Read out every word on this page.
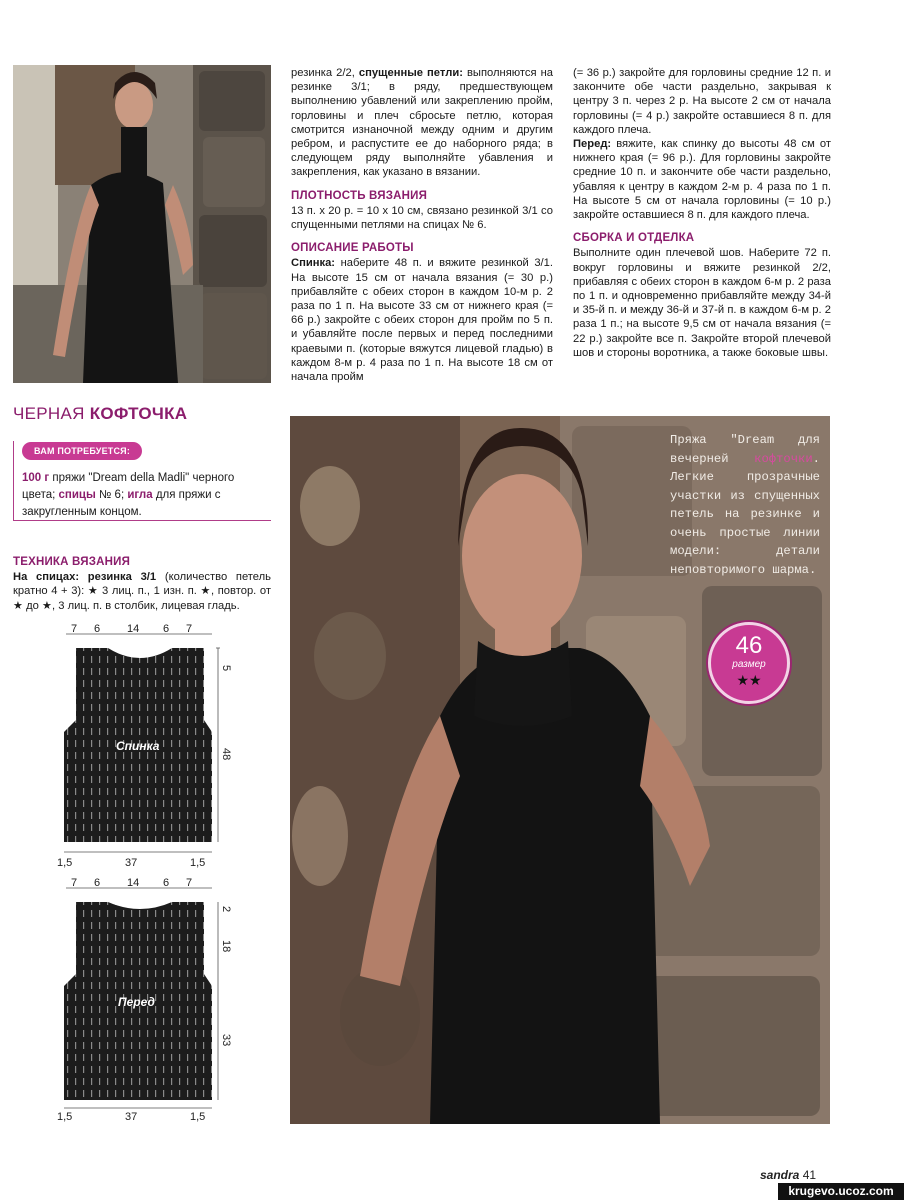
резинка 2/2, спущенные петли: выполняются на резинке 3/1; в ряду, предшествующем выполнению убавлений или закреплению пройм, горловины и плеч сбросьте петлю, которая смотрится изнаночной между одним и другим ребром, и распустите ее до наборного ряда; в следующем ряду выполняйте убавления и закрепления, как указано в вязании.

ПЛОТНОСТЬ ВЯЗАНИЯ

13 п. х 20 р. = 10 х 10 см, связано резинкой 3/1 со спущенными петлями на спицах № 6.

ОПИСАНИЕ РАБОТЫ

Спинка: наберите 48 п. и вяжите резинкой 3/1. На высоте 15 см от начала вязания (= 30 р.) прибавляйте с обеих сторон в каждом 10-м р. 2 раза по 1 п. На высоте 33 см от нижнего края (= 66 р.) закройте с обеих сторон для пройм по 5 п. и убавляйте после первых и перед последними краевыми п. (которые вяжутся лицевой гладью) в каждом 8-м р. 4 раза по 1 п. На высоте 18 см от начала пройм

(= 36 р.) закройте для горловины средние 12 п. и закончите обе части раздельно, закрывая к центру 3 п. через 2 р. На высоте 2 см от начала горловины (= 4 р.) закройте оставшиеся 8 п. для каждого плеча.

Перед: вяжите, как спинку до высоты 48 см от нижнего края (= 96 р.). Для горловины закройте средние 10 п. и закончите обе части раздельно, убавляя к центру в каждом 2-м р. 4 раза по 1 п. На высоте 5 см от начала горловины (= 10 р.) закройте оставшиеся 8 п. для каждого плеча.

СБОРКА И ОТДЕЛКА

Выполните один плечевой шов. Наберите 72 п. вокруг горловины и вяжите резинкой 2/2, прибавляя с обеих сторон в каждом 6-м р. 2 раза по 1 п. и одновременно прибавляйте между 34-й и 35-й п. и между 36-й и 37-й п. в каждом 6-м р. 2 раза 1 п.; на высоте 9,5 см от начала вязания (= 22 р.) закройте все п. Закройте второй плечевой шов и стороны воротника, а также боковые швы.

ЧЕРНАЯ КОФТОЧКА
ВАМ ПОТРЕБУЕТСЯ:
100 г пряжи "Dream della Madli" черного цвета; спицы № 6; игла для пряжи с закругленным концом.
ТЕХНИКА ВЯЗАНИЯ

На спицах: резинка 3/1 (количество петель кратно 4 + 3): ★ 3 лиц. п., 1 изн. п. ★, повтор. от ★ до ★, 3 лиц. п. в столбик, лицевая гладь.

7 6 14 6 7
Спинка
5
48
1,5	37	1,5
7 6 14 6 7
Перед
2
18
33
1,5	37	1,5
Пряжа "Dream для вечерней кофточки. Легкие прозрачные участки из спущенных петель на резинке и очень простые линии модели: детали неповторимого шарма.
46
размер
★★
sandra 41
krugevo.ucoz.com
